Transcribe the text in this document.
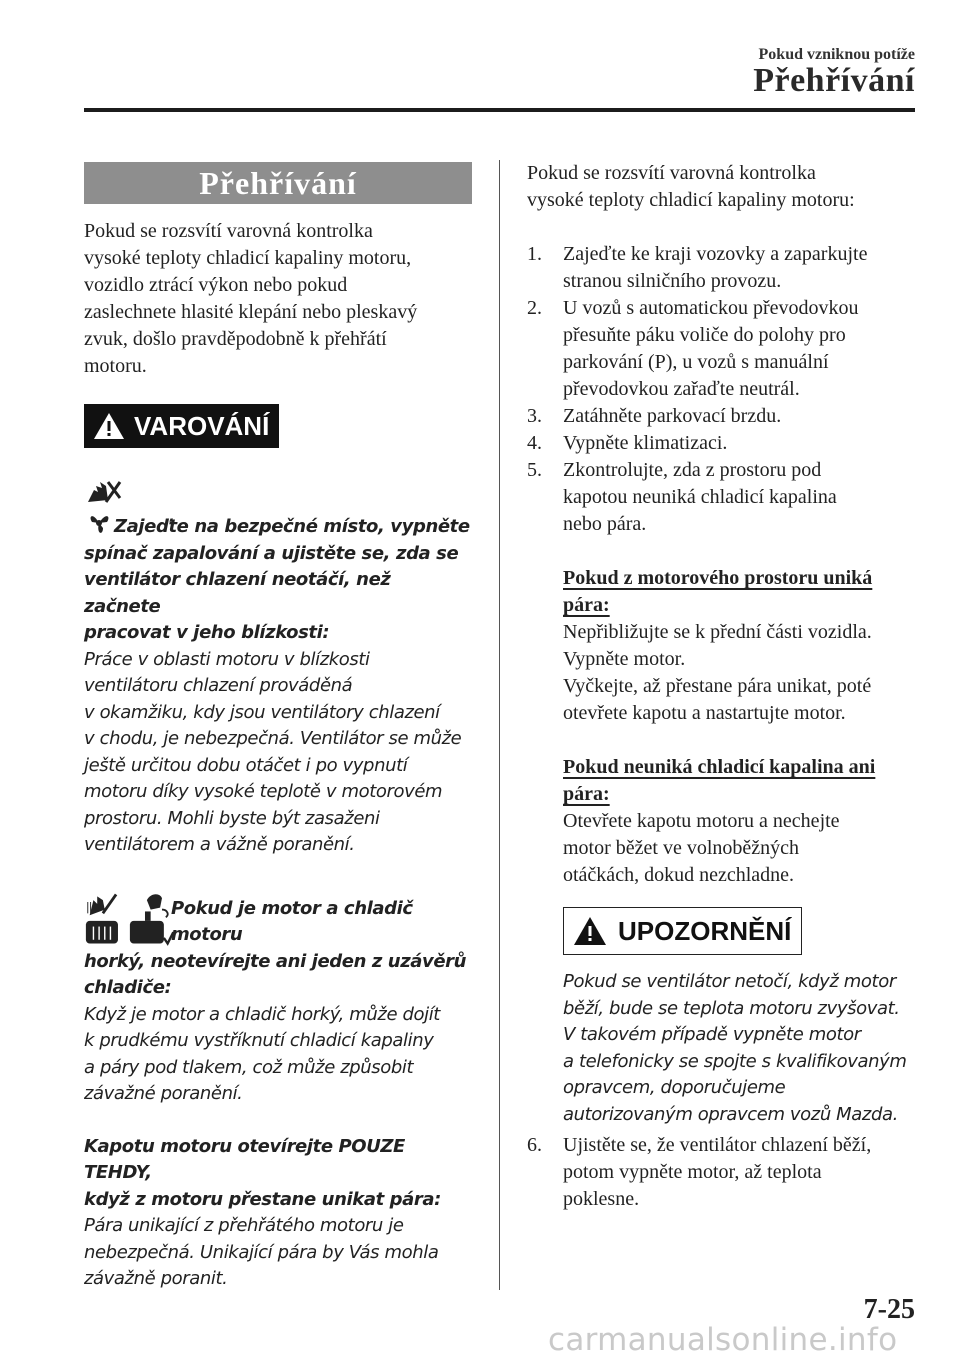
Pokud vzniknou potíže
Přehřívání
Přehřívání

Pokud se rozsvítí varovná kontrolka

vysoké teploty chladicí kapaliny motoru,

vozidlo ztrácí výkon nebo pokud

zaslechnete hlasité klepání nebo pleskavý

zvuk, došlo pravděpodobně k přehřátí

motoru.

VAROVÁNÍ

Zajeďte na bezpečné místo, vypněte

spínač zapalování a ujistěte se, zda se

ventilátor chlazení neotáčí, než začnete

pracovat v jeho blízkosti:

Práce v oblasti motoru v blízkosti

ventilátoru chlazení prováděná

v okamžiku, kdy jsou ventilátory chlazení

v chodu, je nebezpečná. Ventilátor se může

ještě určitou dobu otáčet i po vypnutí

motoru díky vysoké teplotě v motorovém

prostoru. Mohli byste být zasaženi

ventilátorem a vážně poranění.

Pokud je motor a chladič motoru

horký, neotevírejte ani jeden z uzávěrů

chladiče:

Když je motor a chladič horký, může dojít

k prudkému vystříknutí chladicí kapaliny

a páry pod tlakem, což může způsobit

závažné poranění.

Kapotu motoru otevírejte POUZE TEHDY,

když z motoru přestane unikat pára:

Pára unikající z přehřátého motoru je

nebezpečná. Unikající pára by Vás mohla

závažně poranit.

Pokud se rozsvítí varovná kontrolka

vysoké teploty chladicí kapaliny motoru:

1. Zajeďte ke kraji vozovky a zaparkujte
stranou silničního provozu.
2. U vozů s automatickou převodovkou
přesuňte páku voliče do polohy pro
parkování (P), u vozů s manuální
převodovkou zařaďte neutrál.
3. Zatáhněte parkovací brzdu.
4. Vypněte klimatizaci.
5. Zkontrolujte, zda z prostoru pod
kapotou neuniká chladicí kapalina
nebo pára.

Pokud z motorového prostoru uniká

pára:

Nepřibližujte se k přední části vozidla.

Vypněte motor.

Vyčkejte, až přestane pára unikat, poté

otevřete kapotu a nastartujte motor.

Pokud neuniká chladicí kapalina ani

pára:

Otevřete kapotu motoru a nechejte

motor běžet ve volnoběžných

otáčkách, dokud nezchladne.

UPOZORNĚNÍ

Pokud se ventilátor netočí, když motor

běží, bude se teplota motoru zvyšovat.

V takovém případě vypněte motor

a telefonicky se spojte s kvalifikovaným

opravcem, doporučujeme

autorizovaným opravcem vozů Mazda.

6. Ujistěte se, že ventilátor chlazení běží,
potom vypněte motor, až teplota
poklesne.
7-25
carmanualsonline.info
